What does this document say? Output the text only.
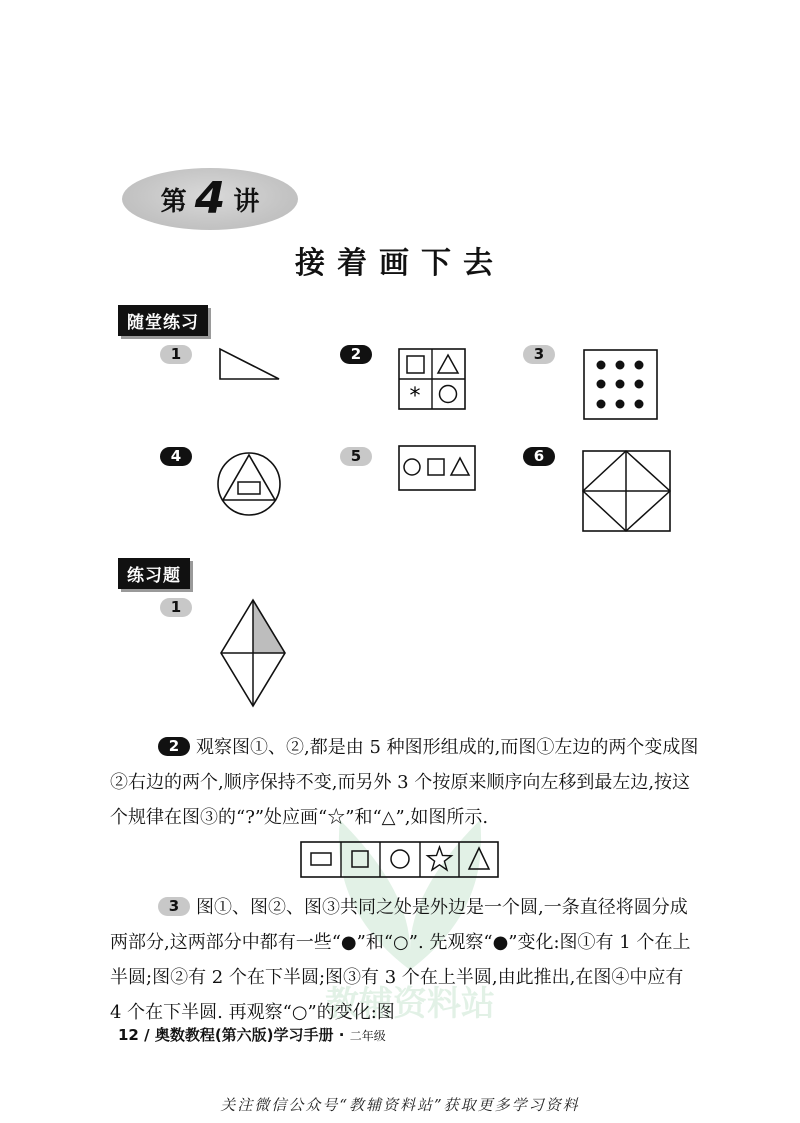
第 4 讲
接着画下去
随堂练习
1	2	3
4	5	6
*
练习题
1
2 观察图①、②,都是由 5 种图形组成的,而图①左边的两个变成图②右边的两个,顺序保持不变,而另外 3 个按原来顺序向左移到最左边,按这个规律在图③的“?”处应画“☆”和“△”,如图所示.
教辅资料站
3 图①、图②、图③共同之处是外边是一个圆,一条直径将圆分成两部分,这两部分中都有一些“●”和“○”. 先观察“●”变化:图①有 1 个在上半圆;图②有 2 个在下半圆;图③有 3 个在上半圆,由此推出,在图④中应有 4 个在下半圆. 再观察“○”的变化:图
12 / 奥数教程(第六版)学习手册 · 二年级
关注微信公众号“教辅资料站”获取更多学习资料
